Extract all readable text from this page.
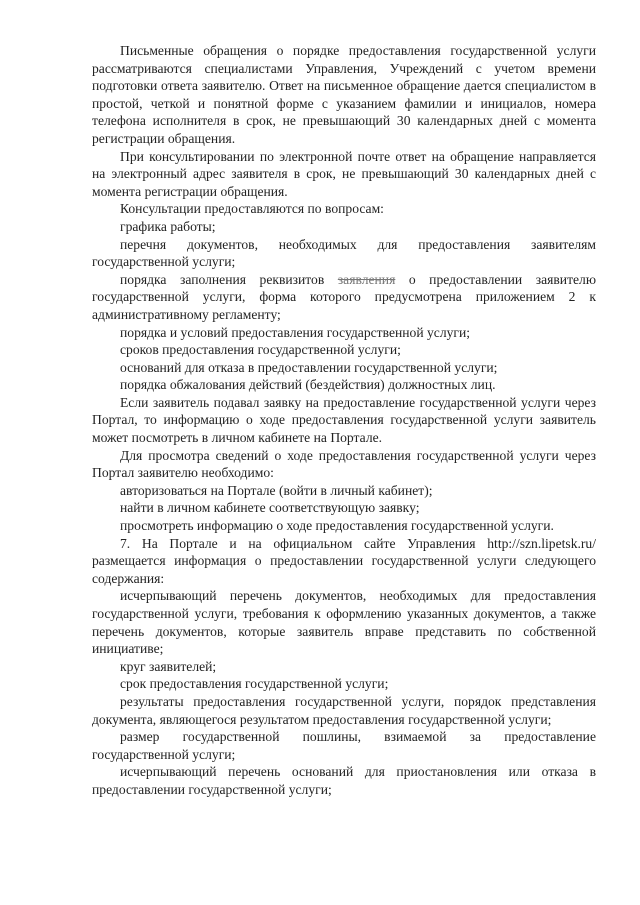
Письменные обращения о порядке предоставления государственной услуги рассматриваются специалистами Управления, Учреждений с учетом времени подготовки ответа заявителю. Ответ на письменное обращение дается специалистом в простой, четкой и понятной форме с указанием фамилии и инициалов, номера телефона исполнителя в срок, не превышающий 30 календарных дней с момента регистрации обращения.

При консультировании по электронной почте ответ на обращение направляется на электронный адрес заявителя в срок, не превышающий 30 календарных дней с момента регистрации обращения.

Консультации предоставляются по вопросам:

графика работы;

перечня документов, необходимых для предоставления заявителям государственной услуги;

порядка заполнения реквизитов заявления о предоставлении заявителю государственной услуги, форма которого предусмотрена приложением 2 к административному регламенту;

порядка и условий предоставления государственной услуги;

сроков предоставления государственной услуги;

оснований для отказа в предоставлении государственной услуги;

порядка обжалования действий (бездействия) должностных лиц.

Если заявитель подавал заявку на предоставление государственной услуги через Портал, то информацию о ходе предоставления государственной услуги заявитель может посмотреть в личном кабинете на Портале.

Для просмотра сведений о ходе предоставления государственной услуги через Портал заявителю необходимо:

авторизоваться на Портале (войти в личный кабинет);

найти в личном кабинете соответствующую заявку;

просмотреть информацию о ходе предоставления государственной услуги.

7. На Портале и на официальном сайте Управления http://szn.lipetsk.ru/ размещается информация о предоставлении государственной услуги следующего содержания:

исчерпывающий перечень документов, необходимых для предоставления государственной услуги, требования к оформлению указанных документов, а также перечень документов, которые заявитель вправе представить по собственной инициативе;

круг заявителей;

срок предоставления государственной услуги;

результаты предоставления государственной услуги, порядок представления документа, являющегося результатом предоставления государственной услуги;

размер государственной пошлины, взимаемой за предоставление государственной услуги;

исчерпывающий перечень оснований для приостановления или отказа в предоставлении государственной услуги;
